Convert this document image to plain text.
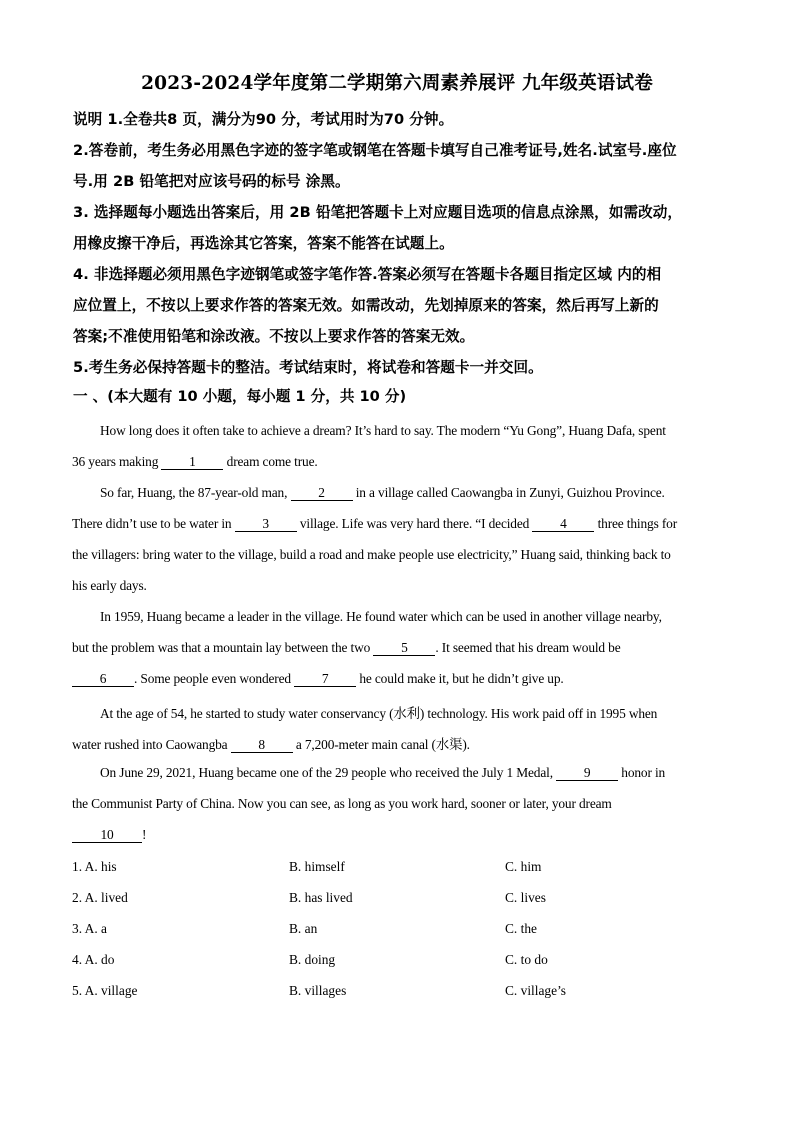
2023-2024学年度第二学期第六周素养展评 九年级英语试卷
说明 1.全卷共8 页，满分为90 分，考试用时为70 分钟。
2.答卷前，考生务必用黑色字迹的签字笔或钢笔在答题卡填写自己准考证号,姓名.试室号.座位
号.用 2B 铅笔把对应该号码的标号 涂黑。
3. 选择题每小题选出答案后，用 2B 铅笔把答题卡上对应题目选项的信息点涂黑，如需改动，
用橡皮擦干净后，再选涂其它答案，答案不能答在试题上。
4. 非选择题必须用黑色字迹钢笔或签字笔作答.答案必须写在答题卡各题目指定区域 内的相
应位置上，不按以上要求作答的答案无效。如需改动，先划掉原来的答案，然后再写上新的
答案;不准使用铅笔和涂改液。不按以上要求作答的答案无效。
5.考生务必保持答题卡的整洁。考试结束时，将试卷和答题卡一并交回。
一 、(本大题有 10 小题，每小题 1 分，共 10 分)
How long does it often take to achieve a dream? It’s hard to say. The modern “Yu Gong”, Huang Dafa, spent
36 years making 1 dream come true.
So far, Huang, the 87-year-old man, 2 in a village called Caowangba in Zunyi, Guizhou Province.
There didn’t use to be water in 3 village. Life was very hard there. “I decided 4 three things for
the villagers: bring water to the village, build a road and make people use electricity,” Huang said, thinking back to
his early days.
In 1959, Huang became a leader in the village. He found water which can be used in another village nearby,
but the problem was that a mountain lay between the two 5 . It seemed that his dream would be
6 . Some people even wondered 7 he could make it, but he didn’t give up.
At the age of 54, he started to study water conservancy (水利) technology. His work paid off in 1995 when
water rushed into Caowangba 8 a 7,200-meter main canal (水渠).
On June 29, 2021, Huang became one of the 29 people who received the July 1 Medal, 9 honor in
the Communist Party of China. Now you can see, as long as you work hard, sooner or later, your dream
10 !
1. A. his	B. himself	C. him
2. A. lived	B. has lived	C. lives
3. A. a	B. an	C. the
4. A. do	B. doing	C. to do
5. A. village	B. villages	C. village’s
